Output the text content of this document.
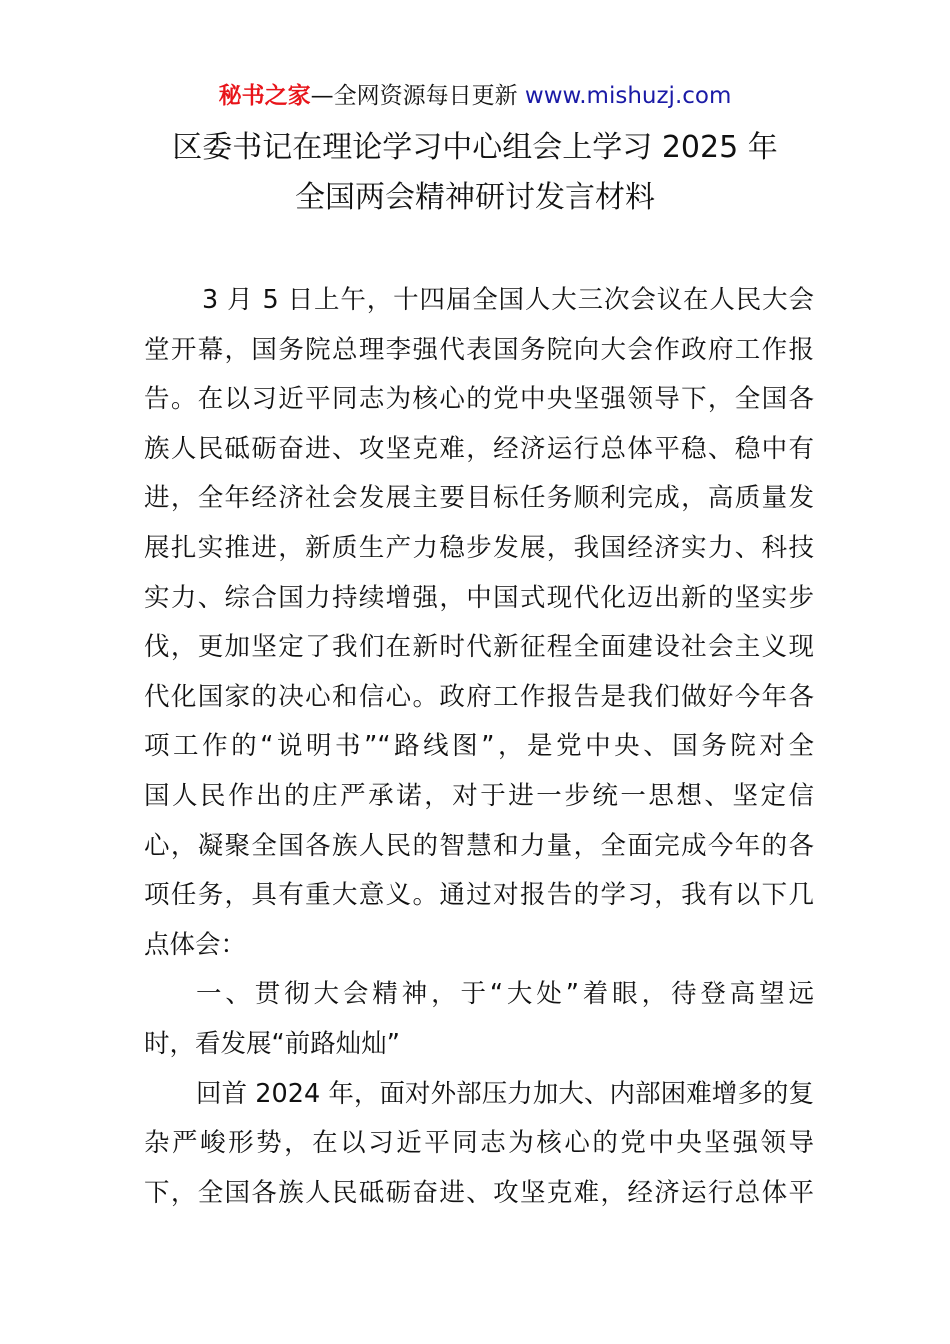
秘书之家—全网资源每日更新 www.mishuzj.com
区委书记在理论学习中心组会上学习 2025 年
全国两会精神研讨发言材料
3 月 5 日上午，十四届全国人大三次会议在人民大会
堂开幕，国务院总理李强代表国务院向大会作政府工作报
告。在以习近平同志为核心的党中央坚强领导下，全国各
族人民砥砺奋进、攻坚克难，经济运行总体平稳、稳中有
进，全年经济社会发展主要目标任务顺利完成，高质量发
展扎实推进，新质生产力稳步发展，我国经济实力、科技
实力、综合国力持续增强，中国式现代化迈出新的坚实步
伐，更加坚定了我们在新时代新征程全面建设社会主义现
代化国家的决心和信心。政府工作报告是我们做好今年各
项工作的“说明书”“路线图”，是党中央、国务院对全
国人民作出的庄严承诺，对于进一步统一思想、坚定信
心，凝聚全国各族人民的智慧和力量，全面完成今年的各
项任务，具有重大意义。通过对报告的学习，我有以下几
点体会：
一、贯彻大会精神，于“大处”着眼，待登高望远
时，看发展“前路灿灿”
回首 2024 年，面对外部压力加大、内部困难增多的复
杂严峻形势，在以习近平同志为核心的党中央坚强领导
下，全国各族人民砥砺奋进、攻坚克难，经济运行总体平
